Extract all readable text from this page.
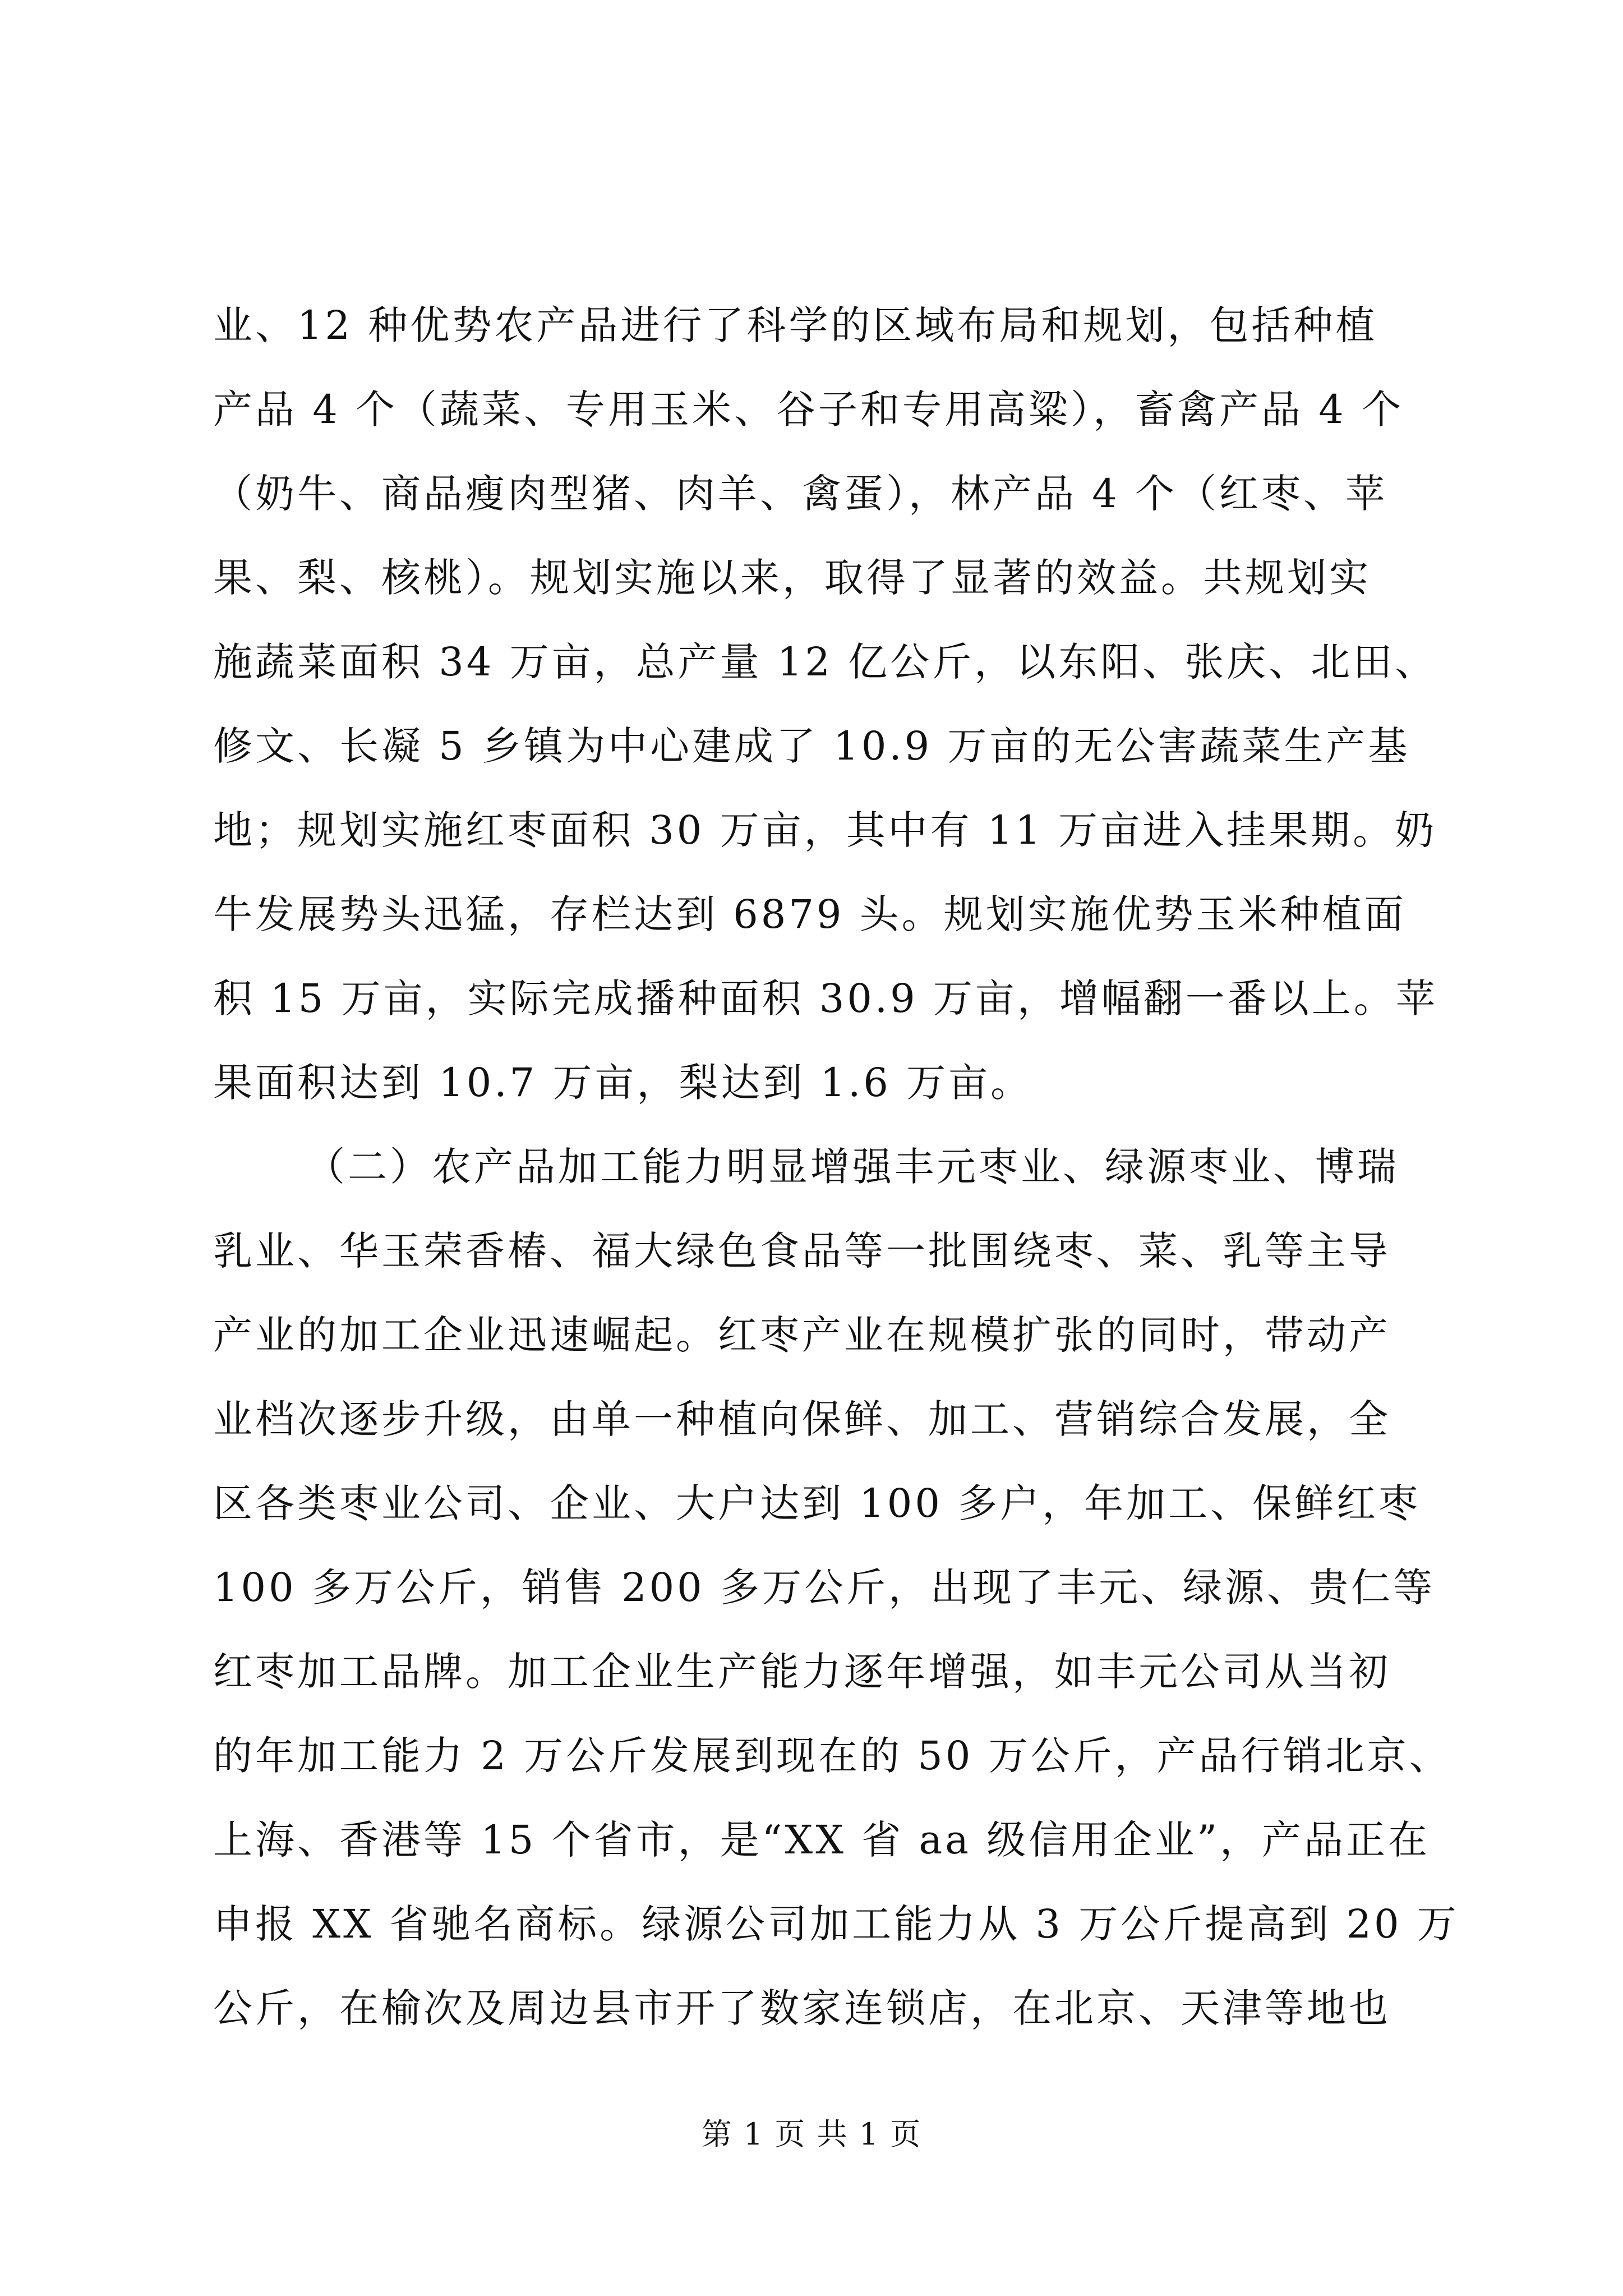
业、12 种优势农产品进行了科学的区域布局和规划，包括种植
产品 4 个（蔬菜、专用玉米、谷子和专用高粱），畜禽产品 4 个
（奶牛、商品瘦肉型猪、肉羊、禽蛋），林产品 4 个（红枣、苹
果、梨、核桃）。规划实施以来，取得了显著的效益。共规划实
施蔬菜面积 34 万亩，总产量 12 亿公斤，以东阳、张庆、北田、
修文、长凝 5 乡镇为中心建成了 10.9 万亩的无公害蔬菜生产基
地；规划实施红枣面积 30 万亩，其中有 11 万亩进入挂果期。奶
牛发展势头迅猛，存栏达到 6879 头。规划实施优势玉米种植面
积 15 万亩，实际完成播种面积 30.9 万亩，增幅翻一番以上。苹
果面积达到 10.7 万亩，梨达到 1.6 万亩。
（二）农产品加工能力明显增强丰元枣业、绿源枣业、博瑞
乳业、华玉荣香椿、福大绿色食品等一批围绕枣、菜、乳等主导
产业的加工企业迅速崛起。红枣产业在规模扩张的同时，带动产
业档次逐步升级，由单一种植向保鲜、加工、营销综合发展，全
区各类枣业公司、企业、大户达到 100 多户，年加工、保鲜红枣
100 多万公斤，销售 200 多万公斤，出现了丰元、绿源、贵仁等
红枣加工品牌。加工企业生产能力逐年增强，如丰元公司从当初
的年加工能力 2 万公斤发展到现在的 50 万公斤，产品行销北京、
上海、香港等 15 个省市，是“XX 省 aa 级信用企业”，产品正在
申报 XX 省驰名商标。绿源公司加工能力从 3 万公斤提高到 20 万
公斤，在榆次及周边县市开了数家连锁店，在北京、天津等地也
第 1 页 共 1 页
